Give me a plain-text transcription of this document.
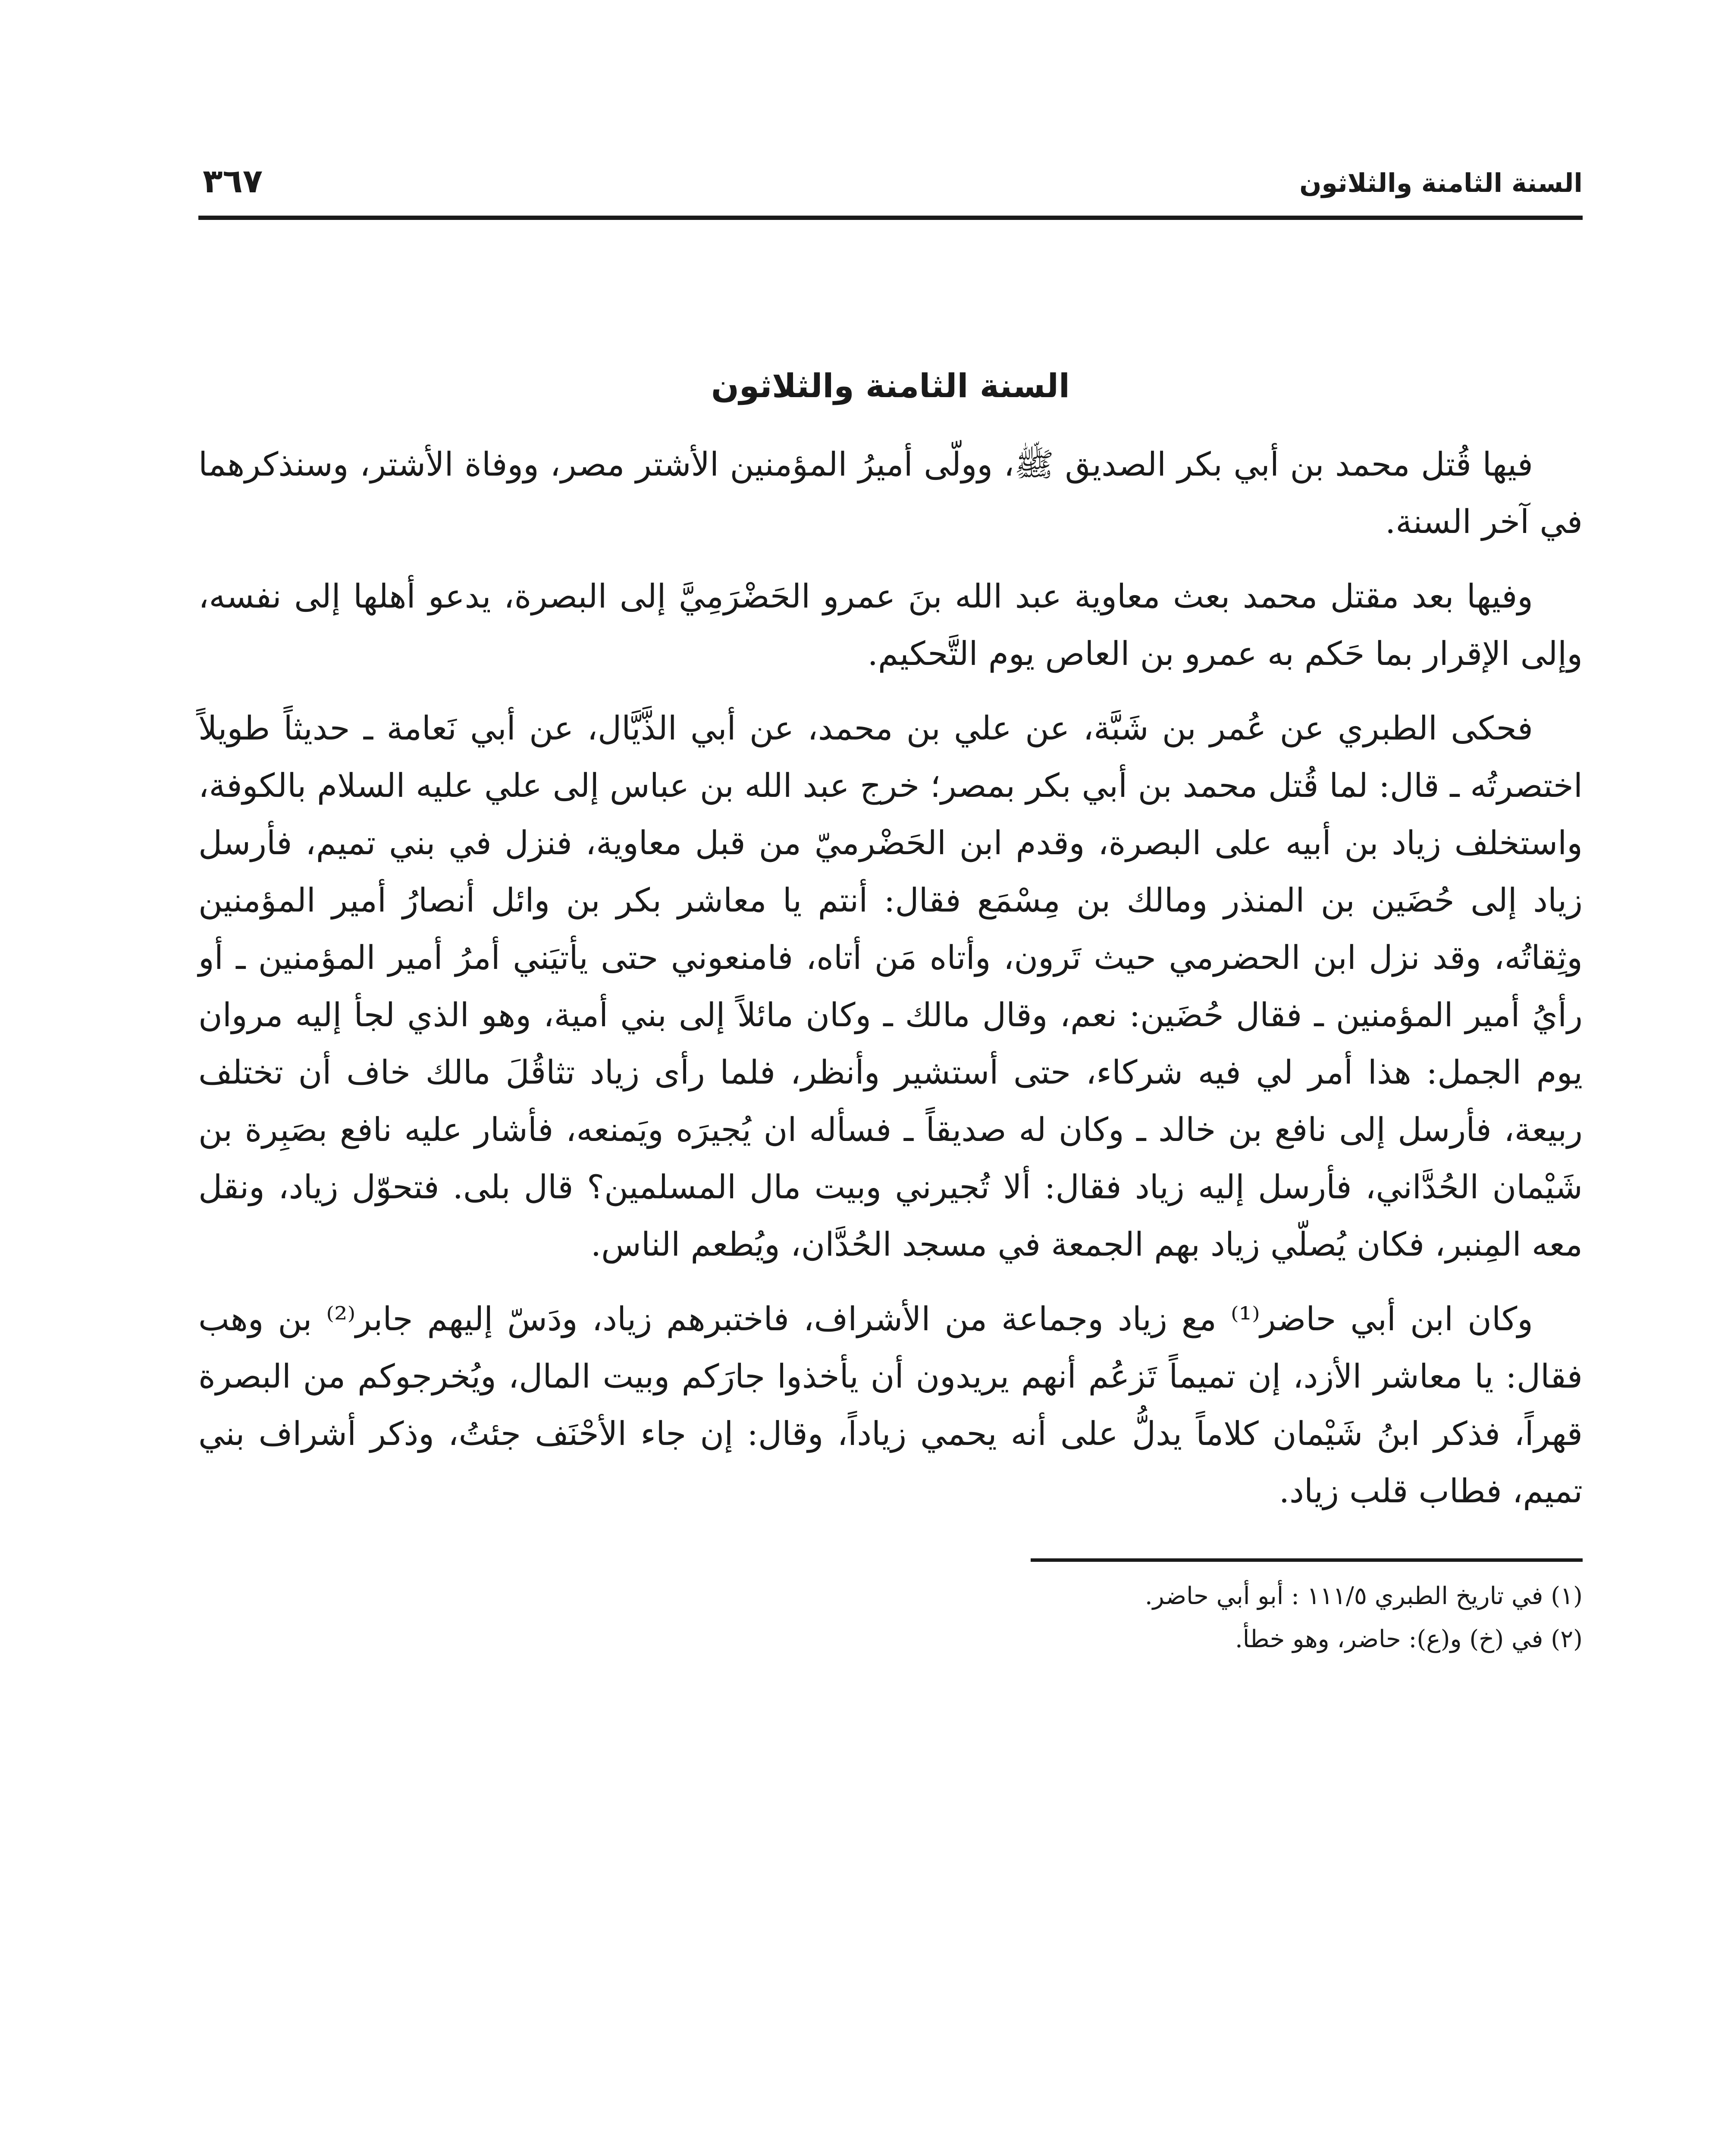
السنة الثامنة والثلاثون
٣٦٧
السنة الثامنة والثلاثون

فيها قُتل محمد بن أبي بكر الصديق ﷺ، وولّى أميرُ المؤمنين الأشتر مصر، ووفاة الأشتر، وسنذكرهما في آخر السنة.

وفيها بعد مقتل محمد بعث معاوية عبد الله بنَ عمرو الحَضْرَمِيَّ إلى البصرة، يدعو أهلها إلى نفسه، وإلى الإقرار بما حَكم به عمرو بن العاص يوم التَّحكيم.

فحكى الطبري عن عُمر بن شَبَّة، عن علي بن محمد، عن أبي الذَّيَّال، عن أبي نَعامة ـ حديثاً طويلاً اختصرتُه ـ قال: لما قُتل محمد بن أبي بكر بمصر؛ خرج عبد الله بن عباس إلى علي عليه السلام بالكوفة، واستخلف زياد بن أبيه على البصرة، وقدم ابن الحَضْرميّ من قبل معاوية، فنزل في بني تميم، فأرسل زياد إلى حُضَين بن المنذر ومالك بن مِسْمَع فقال: أنتم يا معاشر بكر بن وائل أنصارُ أمير المؤمنين وثِقاتُه، وقد نزل ابن الحضرمي حيث تَرون، وأتاه مَن أتاه، فامنعوني حتى يأتيَني أمرُ أمير المؤمنين ـ أو رأيُ أمير المؤمنين ـ فقال حُضَين: نعم، وقال مالك ـ وكان مائلاً إلى بني أمية، وهو الذي لجأ إليه مروان يوم الجمل: هذا أمر لي فيه شركاء، حتى أستشير وأنظر، فلما رأى زياد تثاقُلَ مالك خاف أن تختلف ربيعة، فأرسل إلى نافع بن خالد ـ وكان له صديقاً ـ فسأله ان يُجيرَه ويَمنعه، فأشار عليه نافع بصَبِرة بن شَيْمان الحُدَّاني، فأرسل إليه زياد فقال: ألا تُجيرني وبيت مال المسلمين؟ قال بلى. فتحوّل زياد، ونقل معه المِنبر، فكان يُصلّي زياد بهم الجمعة في مسجد الحُدَّان، ويُطعم الناس.

وكان ابن أبي حاضر⁽¹⁾ مع زياد وجماعة من الأشراف، فاختبرهم زياد، ودَسّ إليهم جابر⁽²⁾ بن وهب فقال: يا معاشر الأزد، إن تميماً تَزعُم أنهم يريدون أن يأخذوا جارَكم وبيت المال، ويُخرجوكم من البصرة قهراً، فذكر ابنُ شَيْمان كلاماً يدلُّ على أنه يحمي زياداً، وقال: إن جاء الأحْنَف جئتُ، وذكر أشراف بني تميم، فطاب قلب زياد.

(١) في تاريخ الطبري ١١١/٥ : أبو أبي حاضر.
(٢) في (خ) و(ع): حاضر، وهو خطأ.
